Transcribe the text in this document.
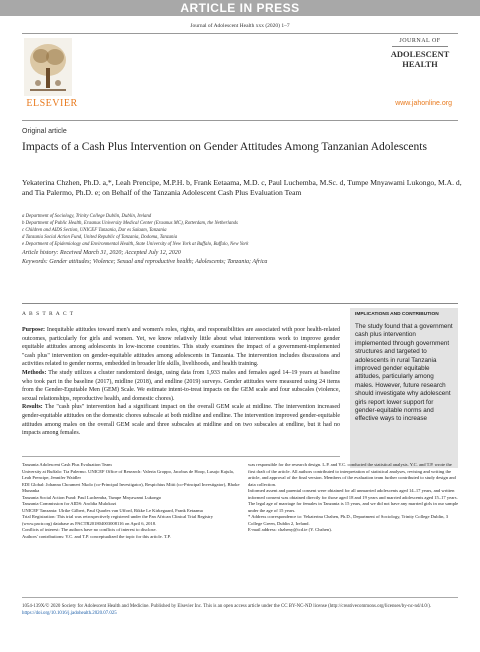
ARTICLE IN PRESS
Journal of Adolescent Health xxx (2020) 1–7
ELSEVIER
JOURNAL OF
ADOLESCENT
HEALTH
www.jahonline.org
Original article
Impacts of a Cash Plus Intervention on Gender Attitudes Among Tanzanian Adolescents
Yekaterina Chzhen, Ph.D. a,*, Leah Prencipe, M.P.H. b, Frank Eetaama, M.D. c, Paul Luchemba, M.Sc. d, Tumpe Mnyawami Lukongo, M.A. d, and Tia Palermo, Ph.D. e; on Behalf of the Tanzania Adolescent Cash Plus Evaluation Team
a Department of Sociology, Trinity College Dublin, Dublin, Ireland
b Department of Public Health, Erasmus University Medical Center (Erasmus MC), Rotterdam, the Netherlands
c Children and AIDS Section, UNICEF Tanzania, Dar es Salaam, Tanzania
d Tanzania Social Action Fund, United Republic of Tanzania, Dodoma, Tanzania
e Department of Epidemiology and Environmental Health, State University of New York at Buffalo, Buffalo, New York
Article history: Received March 31, 2020; Accepted July 12, 2020
Keywords: Gender attitudes; Violence; Sexual and reproductive health; Adolescents; Tanzania; Africa
A B S T R A C T

Purpose: Inequitable attitudes toward men's and women's roles, rights, and responsibilities are associated with poor health-related outcomes, particularly for girls and women. Yet, we know relatively little about what interventions work to improve gender equitable attitudes among adolescents in low-income countries. This study examines the impact of a government-implemented "cash plus" intervention on gender-equitable attitudes among adolescents in Tanzania. The intervention includes discussions and activities related to gender norms, embedded in broader life skills, livelihoods, and health training.

Methods: The study utilizes a cluster randomized design, using data from 1,933 males and females aged 14–19 years at baseline who took part in the baseline (2017), midline (2018), and endline (2019) surveys. Gender attitudes were measured using 24 items from the Gender-Equitable Men (GEM) Scale. We estimate intent-to-treat impacts on the GEM scale and four subscales (violence, sexual relationships, reproductive health, and domestic chores).

Results: The "cash plus" intervention had a significant impact on the overall GEM scale at midline. The intervention increased gender-equitable attitudes on the domestic chores subscale at both midline and endline. The intervention improved gender-equitable attitudes among males on the overall GEM scale and three subscales at midline and on two subscales at endline, but it had no impacts among females.

IMPLICATIONS AND CONTRIBUTION
The study found that a government cash plus intervention implemented through government structures and targeted to adolescents in rural Tanzania improved gender equitable attitudes, particularly among males. However, future research should investigate why adolescent girls report lower support for gender-equitable norms and effective ways to increase
Tanzania Adolescent Cash Plus Evaluation Team
University at Buffalo: Tia Palermo. UNICEF Office of Research: Valeria Groppo, Jacobus de Hoop, Lusajo Kajula, Leah Prencipe, Jennifer Waidler
EDI Global: Johanna Choumert Nkolo (co-Principal Investigator), Respichius Mitti (co-Principal Investigator), Bhoke Munanka
Tanzania Social Action Fund: Paul Luchemba, Tumpe Mnyawami Lukongo
Tanzania Commission for AIDS: Aroldia Mulokozi
UNICEF Tanzania: Ulrike Gilbert, Paul Quarles van Ufford, Rikke Le Kirkegaard, Frank Eetaama
Trial Registration: This trial was retrospectively registered under the Pan African Clinical Trial Registry (www.pactr.org) database as PACTR201804003008116 on April 6, 2018.
Conflicts of interest: The authors have no conflicts of interest to disclose.
Authors' contributions: Y.C. and T.P. conceptualized the topic for this article. T.P.
was responsible for the research design. L.P. and Y.C. conducted the statistical analysis. Y.C. and T.P. wrote the first draft of the article. All authors contributed to interpretation of statistical analyses, revising and writing the article, and approval of the final version. Members of the evaluation team further contributed to study design and data collection.
Informed assent and parental consent were obtained for all unmarried adolescents aged 14–17 years, and written informed consent was obtained directly for those aged 18 and 19 years and married adolescents aged 15–17 years. The legal age of marriage for females in Tanzania is 15 years, and we did not have any married girls in our sample under the age of 15 years.
* Address correspondence to: Yekaterina Chzhen, Ph.D., Department of Sociology, Trinity College Dublin, 3 College Green, Dublin 2, Ireland.
E-mail address: chzheny@tcd.ie (Y. Chzhen).
1054-139X/© 2020 Society for Adolescent Health and Medicine. Published by Elsevier Inc. This is an open access article under the CC BY-NC-ND license (http://creativecommons.org/licenses/by-nc-nd/4.0/).
https://doi.org/10.1016/j.jadohealth.2020.07.025
